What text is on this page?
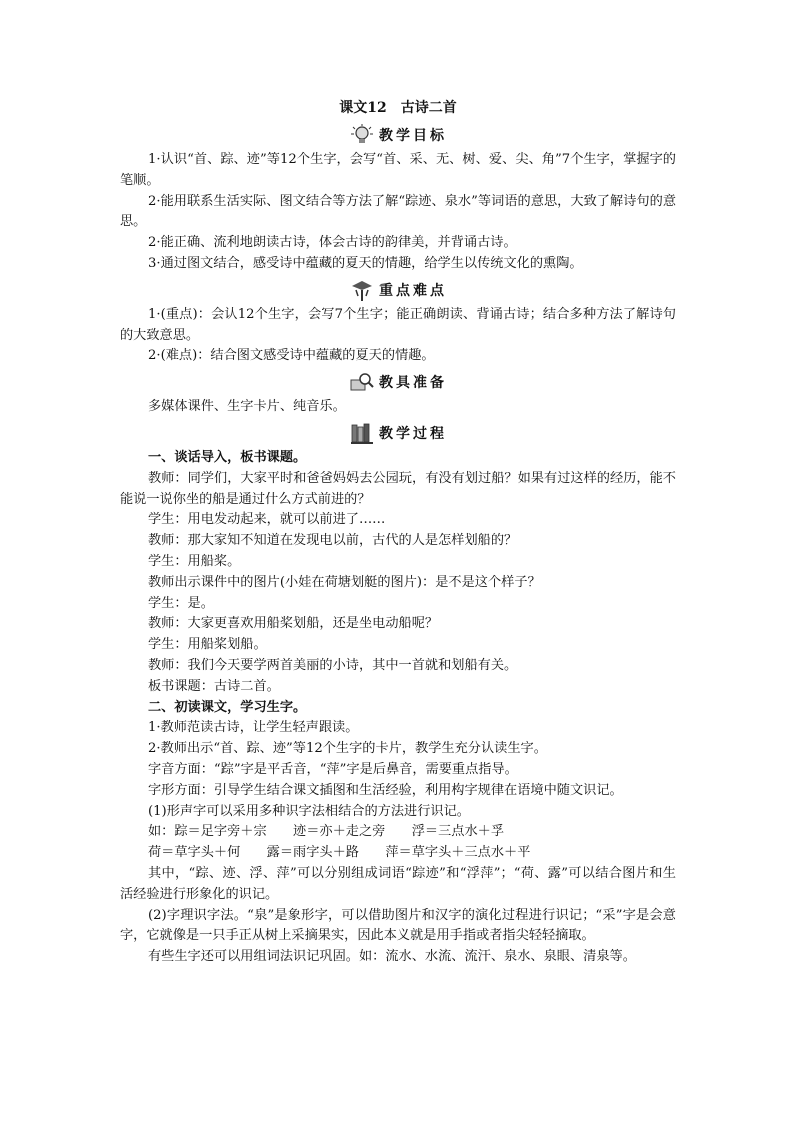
课文12　古诗二首
教学目标

1·认识“首、踪、迹”等12个生字，会写“首、采、无、树、爱、尖、角”7个生字，掌握字的笔顺。

2·能用联系生活实际、图文结合等方法了解“踪迹、泉水”等词语的意思，大致了解诗句的意思。

2·能正确、流利地朗读古诗，体会古诗的韵律美，并背诵古诗。

3·通过图文结合，感受诗中蕴藏的夏天的情趣，给学生以传统文化的熏陶。

重点难点

1·(重点)：会认12个生字，会写7个生字；能正确朗读、背诵古诗；结合多种方法了解诗句的大致意思。

2·(难点)：结合图文感受诗中蕴藏的夏天的情趣。

教具准备

多媒体课件、生字卡片、纯音乐。

教学过程

一、谈话导入，板书课题。

教师：同学们，大家平时和爸爸妈妈去公园玩，有没有划过船？如果有过这样的经历，能不能说一说你坐的船是通过什么方式前进的？

学生：用电发动起来，就可以前进了……

教师：那大家知不知道在发现电以前，古代的人是怎样划船的？

学生：用船桨。

教师出示课件中的图片(小娃在荷塘划艇的图片)：是不是这个样子？

学生：是。

教师：大家更喜欢用船桨划船，还是坐电动船呢？

学生：用船桨划船。

教师：我们今天要学两首美丽的小诗，其中一首就和划船有关。

板书课题：古诗二首。

二、初读课文，学习生字。

1·教师范读古诗，让学生轻声跟读。

2·教师出示“首、踪、迹”等12个生字的卡片，教学生充分认读生字。

字音方面：“踪”字是平舌音，“萍”字是后鼻音，需要重点指导。

字形方面：引导学生结合课文插图和生活经验，利用构字规律在语境中随文识记。

(1)形声字可以采用多种识字法相结合的方法进行识记。

如：踪＝足字旁＋宗　　迹＝亦＋走之旁　　浮＝三点水＋孚

荷＝草字头＋何　　露＝雨字头＋路　　萍＝草字头＋三点水＋平

其中，“踪、迹、浮、萍”可以分别组成词语“踪迹”和“浮萍”；“荷、露”可以结合图片和生活经验进行形象化的识记。

(2)字理识字法。“泉”是象形字，可以借助图片和汉字的演化过程进行识记；“采”字是会意字，它就像是一只手正从树上采摘果实，因此本义就是用手指或者指尖轻轻摘取。

有些生字还可以用组词法识记巩固。如：流水、水流、流汗、泉水、泉眼、清泉等。
